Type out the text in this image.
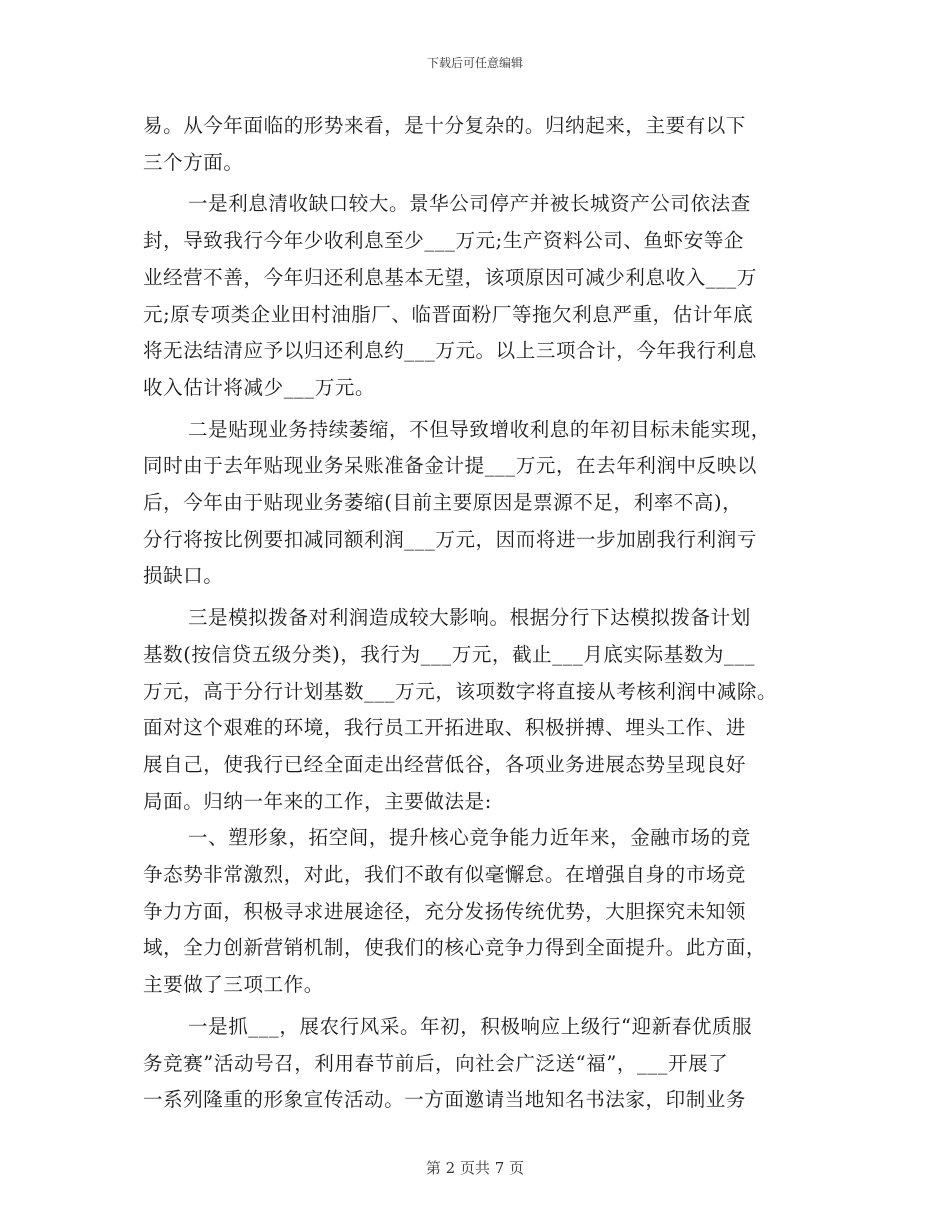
下载后可任意编辑
易。从今年面临的形势来看，是十分复杂的。归纳起来，主要有以下
三个方面。
一是利息清收缺口较大。景华公司停产并被长城资产公司依法查
封，导致我行今年少收利息至少___万元;生产资料公司、鱼虾安等企
业经营不善，今年归还利息基本无望，该项原因可减少利息收入___万
元;原专项类企业田村油脂厂、临晋面粉厂等拖欠利息严重，估计年底
将无法结清应予以归还利息约___万元。以上三项合计，今年我行利息
收入估计将减少___万元。
二是贴现业务持续萎缩，不但导致增收利息的年初目标未能实现，
同时由于去年贴现业务呆账准备金计提___万元，在去年利润中反映以
后，今年由于贴现业务萎缩(目前主要原因是票源不足，利率不高)，
分行将按比例要扣减同额利润___万元，因而将进一步加剧我行利润亏
损缺口。
三是模拟拨备对利润造成较大影响。根据分行下达模拟拨备计划
基数(按信贷五级分类)，我行为___万元，截止___月底实际基数为___
万元，高于分行计划基数___万元，该项数字将直接从考核利润中减除。
面对这个艰难的环境，我行员工开拓进取、积极拼搏、埋头工作、进
展自己，使我行已经全面走出经营低谷，各项业务进展态势呈现良好
局面。归纳一年来的工作，主要做法是:
一、塑形象，拓空间，提升核心竞争能力近年来，金融市场的竞
争态势非常激烈，对此，我们不敢有似毫懈怠。在增强自身的市场竞
争力方面，积极寻求进展途径，充分发扬传统优势，大胆探究未知领
域，全力创新营销机制，使我们的核心竞争力得到全面提升。此方面，
主要做了三项工作。
一是抓___，展农行风采。年初，积极响应上级行“迎新春优质服
务竞赛”活动号召，利用春节前后，向社会广泛送“福”，___开展了
一系列隆重的形象宣传活动。一方面邀请当地知名书法家，印制业务
第 2 页共 7 页
